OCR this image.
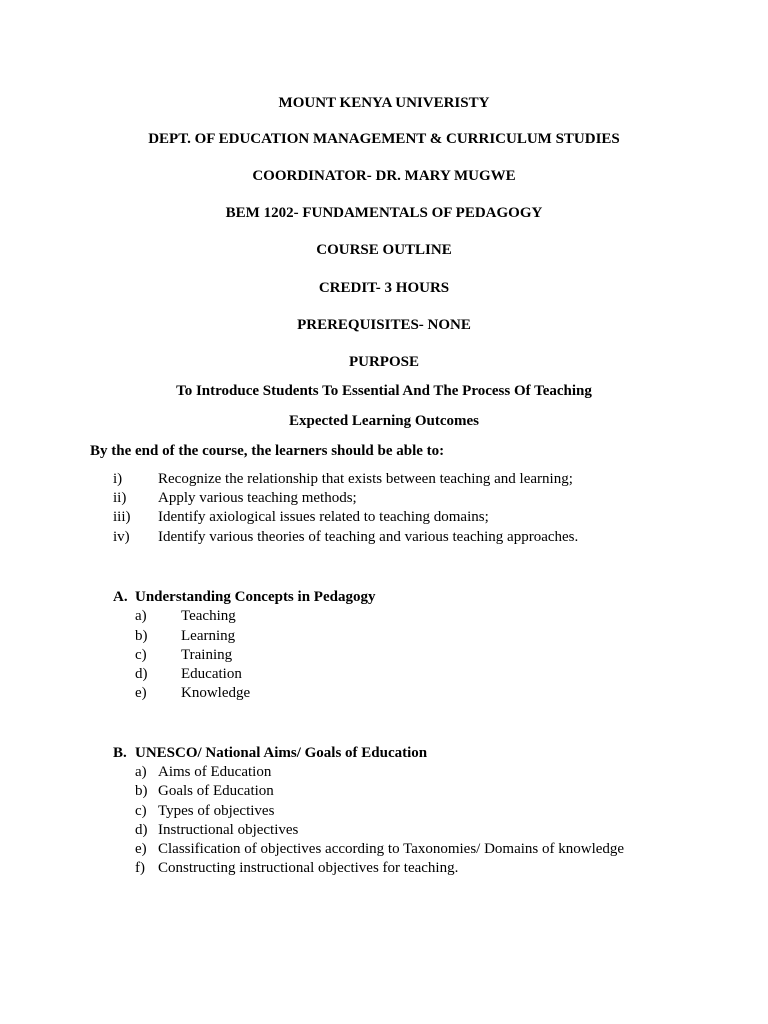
MOUNT KENYA UNIVERISTY
DEPT. OF EDUCATION MANAGEMENT & CURRICULUM STUDIES
COORDINATOR- DR. MARY MUGWE
BEM 1202- FUNDAMENTALS OF PEDAGOGY
COURSE OUTLINE
CREDIT- 3 HOURS
PREREQUISITES- NONE
PURPOSE
To Introduce Students To Essential And The Process Of Teaching
Expected Learning Outcomes
By the end of the course, the learners should be able to:
i) Recognize the relationship that exists between teaching and learning;
ii) Apply various teaching methods;
iii) Identify axiological issues related to teaching domains;
iv) Identify various theories of teaching and various teaching approaches.
A. Understanding Concepts in Pedagogy
a) Teaching
b) Learning
c) Training
d) Education
e) Knowledge
B. UNESCO/ National Aims/ Goals of Education
a) Aims of Education
b) Goals of Education
c) Types of objectives
d) Instructional objectives
e) Classification of objectives according to Taxonomies/ Domains of knowledge
f) Constructing instructional objectives for teaching.
